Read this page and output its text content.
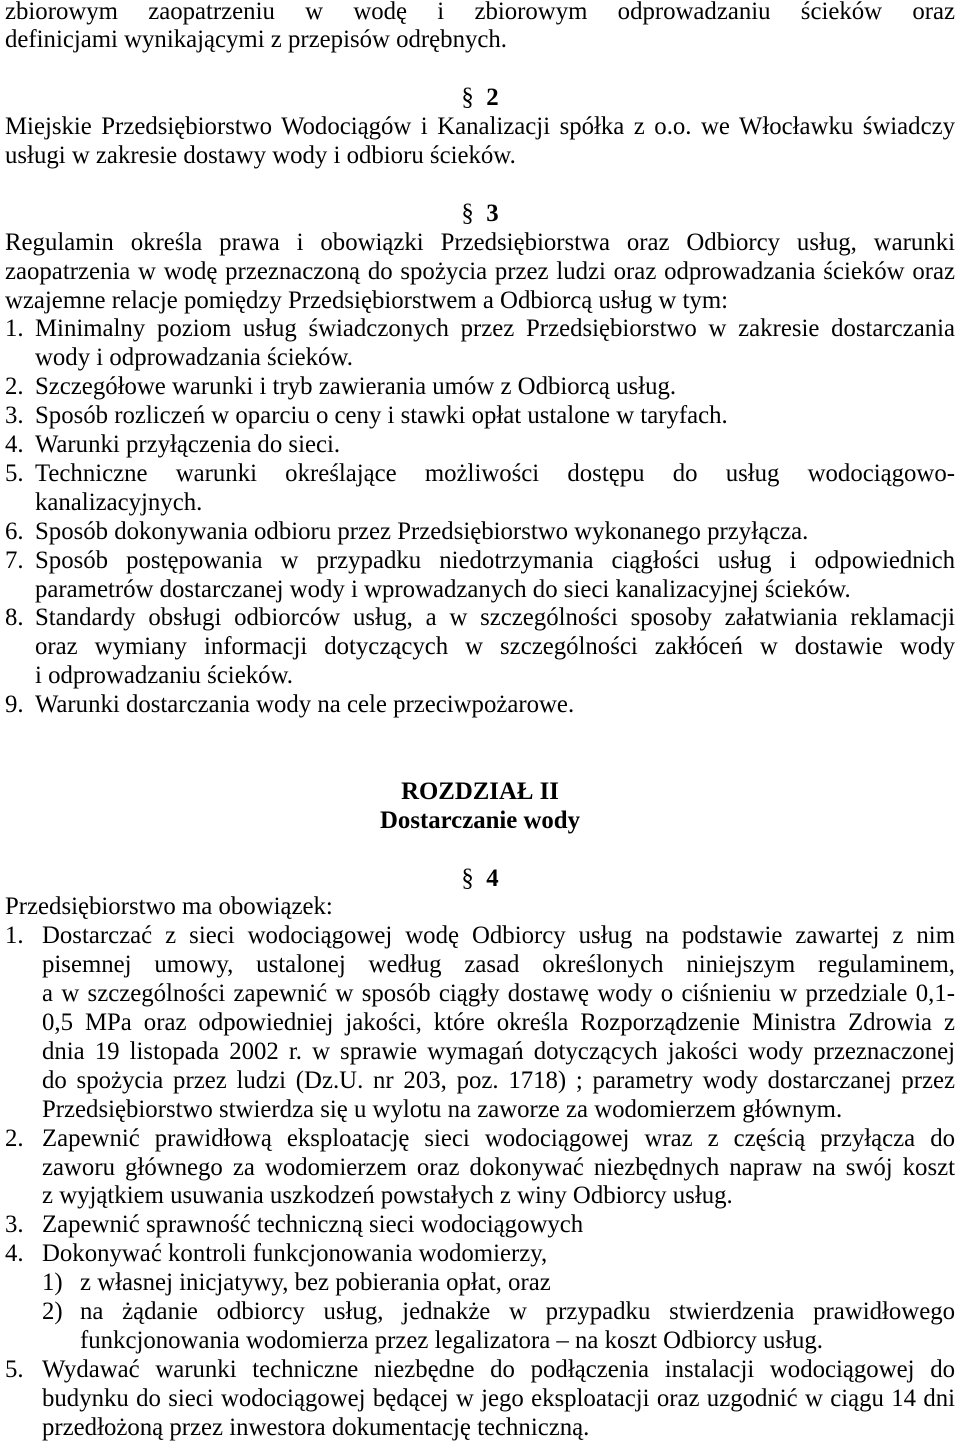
zbiorowym zaopatrzeniu w wodę i zbiorowym odprowadzaniu ścieków oraz
definicjami wynikającymi z przepisów odrębnych.
§ 2
Miejskie Przedsiębiorstwo Wodociągów i Kanalizacji spółka z o.o. we Włocławku świadczy
usługi w zakresie dostawy wody i odbioru ścieków.
§ 3
Regulamin określa prawa i obowiązki Przedsiębiorstwa oraz Odbiorcy usług, warunki
zaopatrzenia w wodę przeznaczoną do spożycia przez ludzi oraz odprowadzania ścieków oraz
wzajemne relacje pomiędzy Przedsiębiorstwem a Odbiorcą usług w tym:
1. Minimalny poziom usług świadczonych przez Przedsiębiorstwo w zakresie dostarczania
wody i odprowadzania ścieków.
2. Szczegółowe warunki i tryb zawierania umów z Odbiorcą usług.
3. Sposób rozliczeń w oparciu o ceny i stawki opłat ustalone w taryfach.
4. Warunki przyłączenia do sieci.
5. Techniczne warunki określające możliwości dostępu do usług wodociągowo-
kanalizacyjnych.
6. Sposób dokonywania odbioru przez Przedsiębiorstwo wykonanego przyłącza.
7. Sposób postępowania w przypadku niedotrzymania ciągłości usług i odpowiednich
parametrów dostarczanej wody i wprowadzanych do sieci kanalizacyjnej ścieków.
8. Standardy obsługi odbiorców usług, a w szczególności sposoby załatwiania reklamacji
oraz wymiany informacji dotyczących w szczególności zakłóceń w dostawie wody
i odprowadzaniu ścieków.
9. Warunki dostarczania wody na cele przeciwpożarowe.
ROZDZIAŁ II
Dostarczanie wody
§ 4
Przedsiębiorstwo ma obowiązek:
1. Dostarczać z sieci wodociągowej wodę Odbiorcy usług na podstawie zawartej z nim
pisemnej umowy, ustalonej według zasad określonych niniejszym regulaminem,
a w szczególności zapewnić w sposób ciągły dostawę wody o ciśnieniu w przedziale 0,1-
0,5 MPa oraz odpowiedniej jakości, które określa Rozporządzenie Ministra Zdrowia z
dnia 19 listopada 2002 r. w sprawie wymagań dotyczących jakości wody przeznaczonej
do spożycia przez ludzi (Dz.U. nr 203, poz. 1718) ; parametry wody dostarczanej przez
Przedsiębiorstwo stwierdza się u wylotu na zaworze za wodomierzem głównym.
2. Zapewnić prawidłową eksploatację sieci wodociągowej wraz z częścią przyłącza do
zaworu głównego za wodomierzem oraz dokonywać niezbędnych napraw na swój koszt
z wyjątkiem usuwania uszkodzeń powstałych z winy Odbiorcy usług.
3. Zapewnić sprawność techniczną sieci wodociągowych
4. Dokonywać kontroli funkcjonowania wodomierzy,
1) z własnej inicjatywy, bez pobierania opłat, oraz
2) na żądanie odbiorcy usług, jednakże w przypadku stwierdzenia prawidłowego
funkcjonowania wodomierza przez legalizatora – na koszt Odbiorcy usług.
5. Wydawać warunki techniczne niezbędne do podłączenia instalacji wodociągowej do
budynku do sieci wodociągowej będącej w jego eksploatacji oraz uzgodnić w ciągu 14 dni
przedłożoną przez inwestora dokumentację techniczną.
